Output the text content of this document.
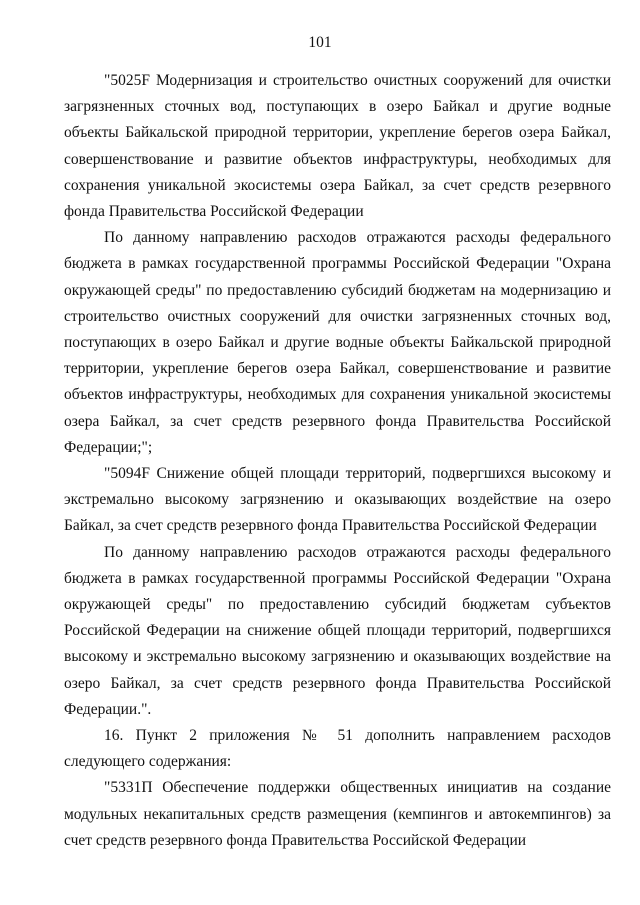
101

"5025F Модернизация и строительство очистных сооружений для очистки загрязненных сточных вод, поступающих в озеро Байкал и другие водные объекты Байкальской природной территории, укрепление берегов озера Байкал, совершенствование и развитие объектов инфраструктуры, необходимых для сохранения уникальной экосистемы озера Байкал, за счет средств резервного фонда Правительства Российской Федерации

По данному направлению расходов отражаются расходы федерального бюджета в рамках государственной программы Российской Федерации "Охрана окружающей среды" по предоставлению субсидий бюджетам на модернизацию и строительство очистных сооружений для очистки загрязненных сточных вод, поступающих в озеро Байкал и другие водные объекты Байкальской природной территории, укрепление берегов озера Байкал, совершенствование и развитие объектов инфраструктуры, необходимых для сохранения уникальной экосистемы озера Байкал, за счет средств резервного фонда Правительства Российской Федерации;";

"5094F Снижение общей площади территорий, подвергшихся высокому и экстремально высокому загрязнению и оказывающих воздействие на озеро Байкал, за счет средств резервного фонда Правительства Российской Федерации

По данному направлению расходов отражаются расходы федерального бюджета в рамках государственной программы Российской Федерации "Охрана окружающей среды" по предоставлению субсидий бюджетам субъектов Российской Федерации на снижение общей площади территорий, подвергшихся высокому и экстремально высокому загрязнению и оказывающих воздействие на озеро Байкал, за счет средств резервного фонда Правительства Российской Федерации.".

16. Пункт 2 приложения № 51 дополнить направлением расходов следующего содержания:

"5331П Обеспечение поддержки общественных инициатив на создание модульных некапитальных средств размещения (кемпингов и автокемпингов) за счет средств резервного фонда Правительства Российской Федерации
